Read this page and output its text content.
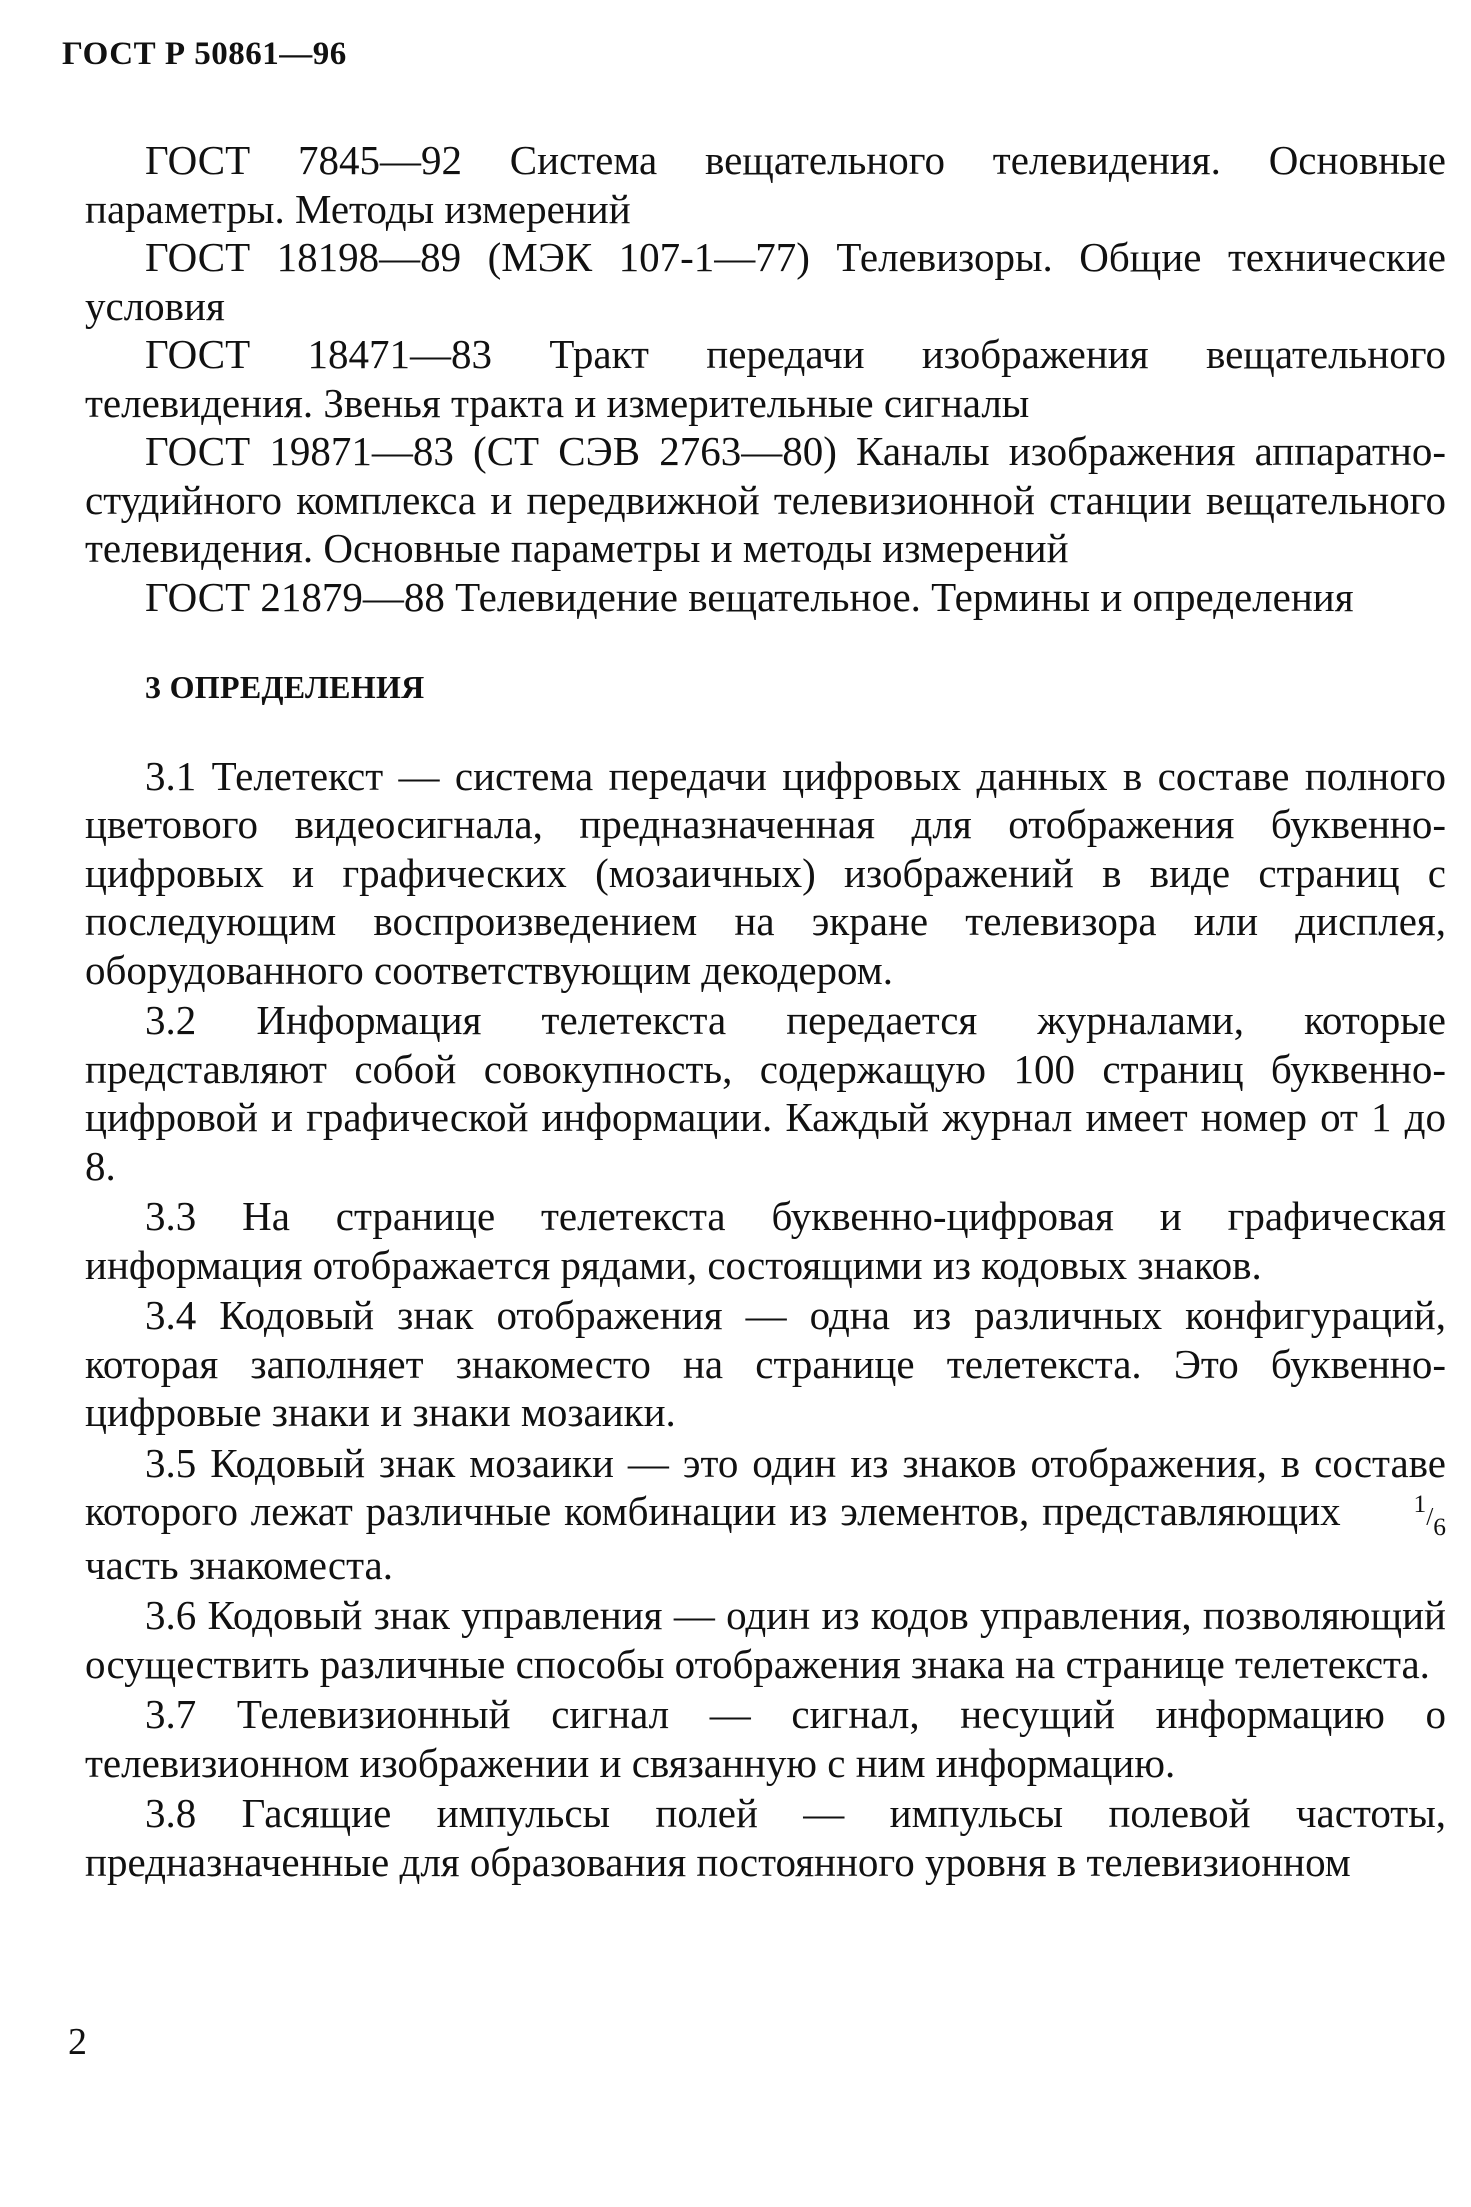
ГОСТ Р 50861—96

ГОСТ 7845—92 Система вещательного телевидения. Основные параметры. Методы измерений

ГОСТ 18198—89 (МЭК 107-1—77) Телевизоры. Общие технические условия

ГОСТ 18471—83 Тракт передачи изображения вещательного телевидения. Звенья тракта и измерительные сигналы

ГОСТ 19871—83 (СТ СЭВ 2763—80) Каналы изображения аппаратно-студийного комплекса и передвижной телевизионной станции вещательного телевидения. Основные параметры и методы измерений

ГОСТ 21879—88 Телевидение вещательное. Термины и определения

3 ОПРЕДЕЛЕНИЯ

3.1 Телетекст — система передачи цифровых данных в составе полного цветового видеосигнала, предназначенная для отображения буквенно-цифровых и графических (мозаичных) изображений в виде страниц с последующим воспроизведением на экране телевизора или дисплея, оборудованного соответствующим декодером.

3.2 Информация телетекста передается журналами, которые представляют собой совокупность, содержащую 100 страниц буквенно-цифровой и графической информации. Каждый журнал имеет номер от 1 до 8.

3.3 На странице телетекста буквенно-цифровая и графическая информация отображается рядами, состоящими из кодовых знаков.

3.4 Кодовый знак отображения — одна из различных конфигураций, которая заполняет знакоместо на странице телетекста. Это буквенно-цифровые знаки и знаки мозаики.

3.5 Кодовый знак мозаики — это один из знаков отображения, в составе которого лежат различные комбинации из элементов, представляющих $^1/_6$ часть знакоместа.

3.6 Кодовый знак управления — один из кодов управления, позволяющий осуществить различные способы отображения знака на странице телетекста.

3.7 Телевизионный сигнал — сигнал, несущий информацию о телевизионном изображении и связанную с ним информацию.

3.8 Гасящие импульсы полей — импульсы полевой частоты, предназначенные для образования постоянного уровня в телевизионном

2
